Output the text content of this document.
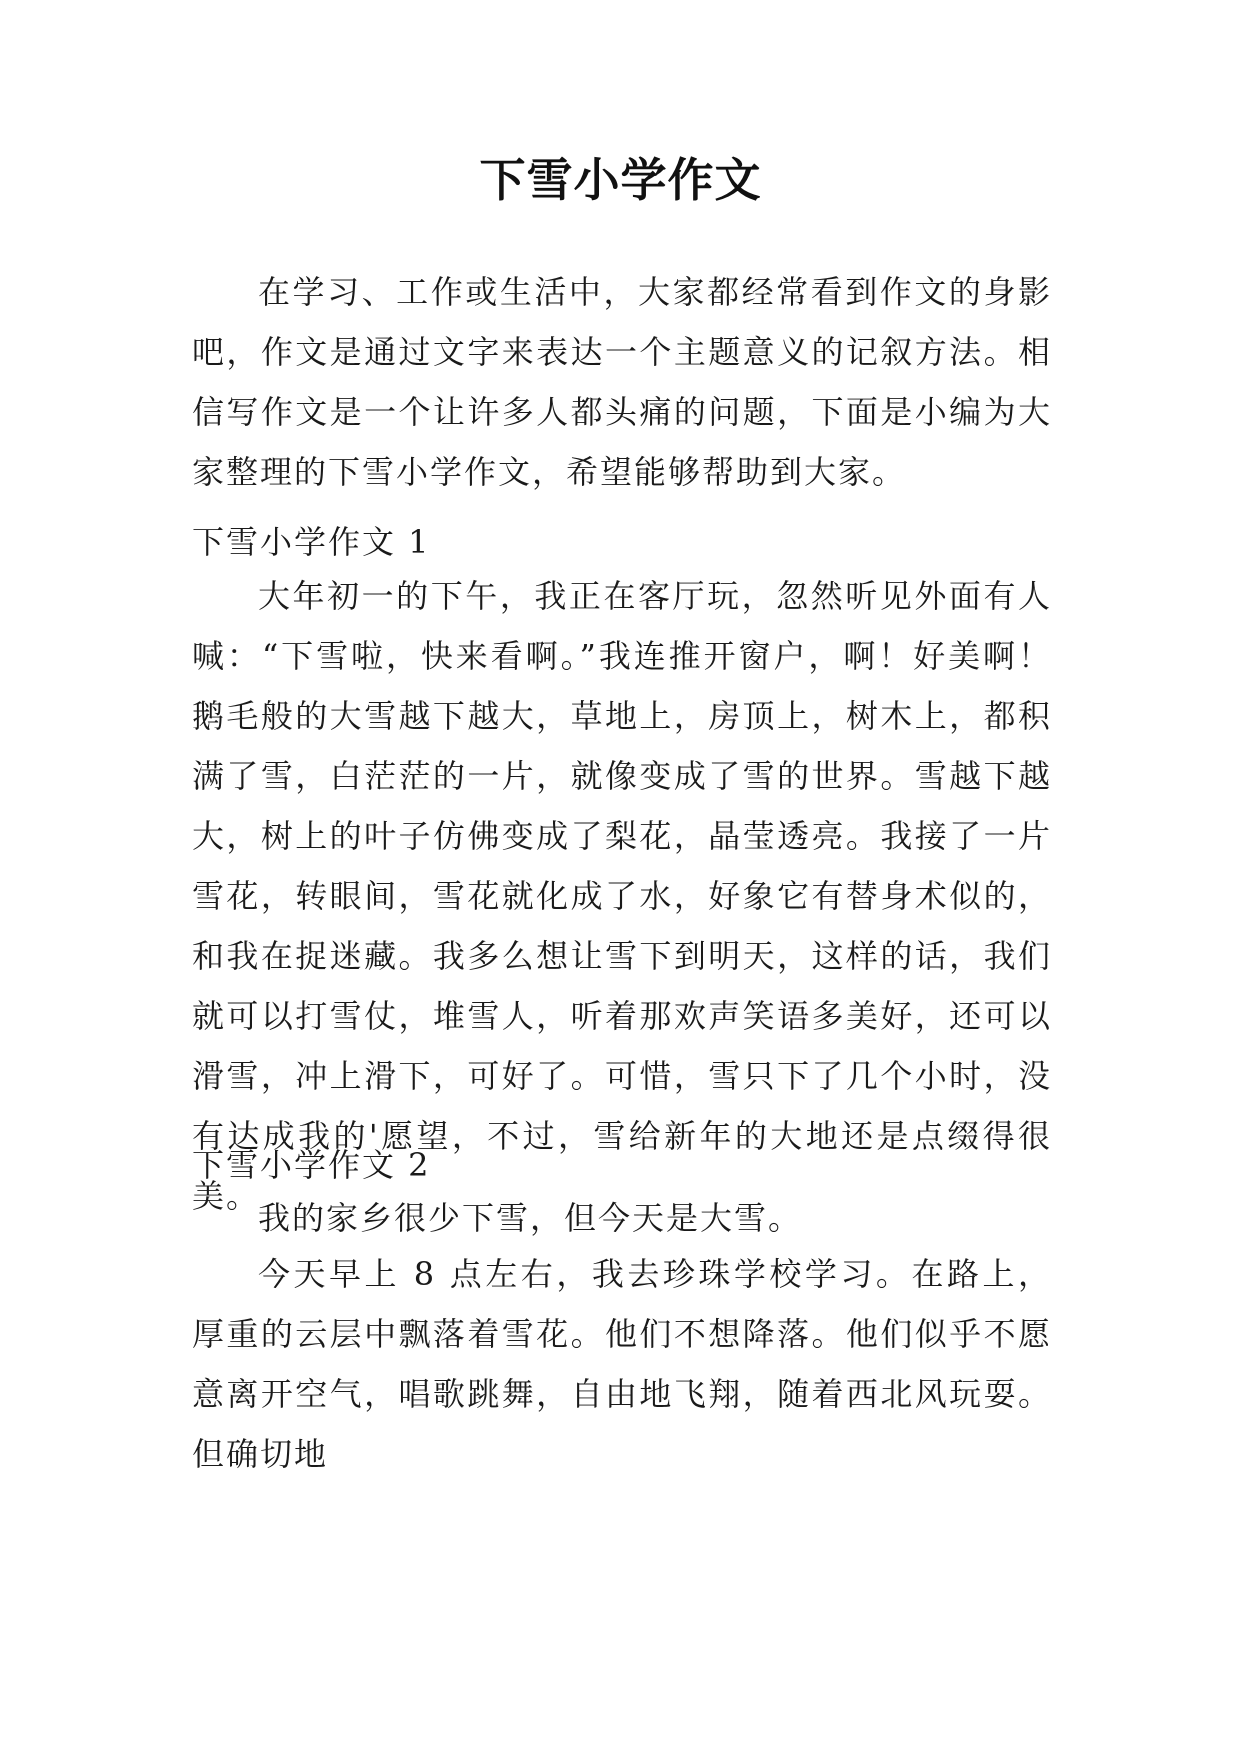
下雪小学作文

在学习、工作或生活中，大家都经常看到作文的身影吧，作文是通过文字来表达一个主题意义的记叙方法。相信写作文是一个让许多人都头痛的问题，下面是小编为大家整理的下雪小学作文，希望能够帮助到大家。

下雪小学作文 1

大年初一的下午，我正在客厅玩，忽然听见外面有人喊：“下雪啦，快来看啊。”我连推开窗户，啊！好美啊！鹅毛般的大雪越下越大，草地上，房顶上，树木上，都积满了雪，白茫茫的一片，就像变成了雪的世界。雪越下越大，树上的叶子仿佛变成了梨花，晶莹透亮。我接了一片雪花，转眼间，雪花就化成了水，好象它有替身术似的，和我在捉迷藏。我多么想让雪下到明天，这样的话，我们就可以打雪仗，堆雪人，听着那欢声笑语多美好，还可以滑雪，冲上滑下，可好了。可惜，雪只下了几个小时，没有达成我的'愿望，不过，雪给新年的大地还是点缀得很美。

下雪小学作文 2

我的家乡很少下雪，但今天是大雪。

今天早上 8 点左右，我去珍珠学校学习。在路上，厚重的云层中飘落着雪花。他们不想降落。他们似乎不愿意离开空气，唱歌跳舞，自由地飞翔，随着西北风玩耍。但确切地
